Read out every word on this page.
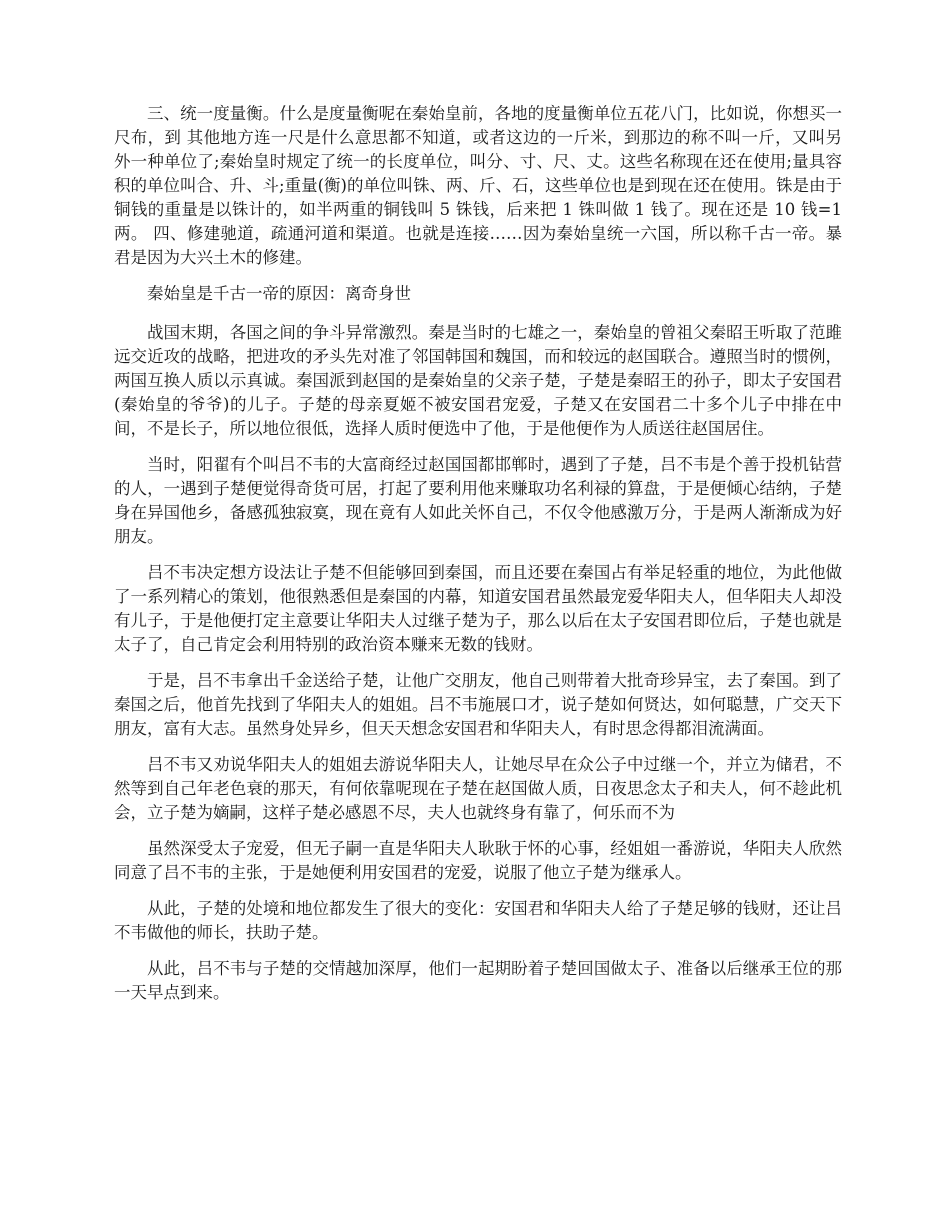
三、统一度量衡。什么是度量衡呢在秦始皇前，各地的度量衡单位五花八门，比如说，你想买一尺布，到 其他地方连一尺是什么意思都不知道，或者这边的一斤米，到那边的称不叫一斤，又叫另外一种单位了;秦始皇时规定了统一的长度单位，叫分、寸、尺、丈。这些名称现在还在使用;量具容积的单位叫合、升、斗;重量(衡)的单位叫铢、两、斤、石，这些单位也是到现在还在使用。铢是由于铜钱的重量是以铢计的，如半两重的铜钱叫 5 铢钱，后来把 1 铢叫做 1 钱了。现在还是 10 钱=1 两。 四、修建驰道，疏通河道和渠道。也就是连接……因为秦始皇统一六国，所以称千古一帝。暴君是因为大兴土木的修建。

秦始皇是千古一帝的原因：离奇身世

战国末期，各国之间的争斗异常激烈。秦是当时的七雄之一，秦始皇的曾祖父秦昭王听取了范雎远交近攻的战略，把进攻的矛头先对准了邻国韩国和魏国，而和较远的赵国联合。遵照当时的惯例，两国互换人质以示真诚。秦国派到赵国的是秦始皇的父亲子楚，子楚是秦昭王的孙子，即太子安国君(秦始皇的爷爷)的儿子。子楚的母亲夏姬不被安国君宠爱，子楚又在安国君二十多个儿子中排在中间，不是长子，所以地位很低，选择人质时便选中了他，于是他便作为人质送往赵国居住。

当时，阳翟有个叫吕不韦的大富商经过赵国国都邯郸时，遇到了子楚，吕不韦是个善于投机钻营的人，一遇到子楚便觉得奇货可居，打起了要利用他来赚取功名利禄的算盘，于是便倾心结纳，子楚身在异国他乡，备感孤独寂寞，现在竟有人如此关怀自己，不仅令他感激万分，于是两人渐渐成为好朋友。

吕不韦决定想方设法让子楚不但能够回到秦国，而且还要在秦国占有举足轻重的地位，为此他做了一系列精心的策划，他很熟悉但是秦国的内幕，知道安国君虽然最宠爱华阳夫人，但华阳夫人却没有儿子，于是他便打定主意要让华阳夫人过继子楚为子，那么以后在太子安国君即位后，子楚也就是太子了，自己肯定会利用特别的政治资本赚来无数的钱财。

于是，吕不韦拿出千金送给子楚，让他广交朋友，他自己则带着大批奇珍异宝，去了秦国。到了秦国之后，他首先找到了华阳夫人的姐姐。吕不韦施展口才，说子楚如何贤达，如何聪慧，广交天下朋友，富有大志。虽然身处异乡，但天天想念安国君和华阳夫人，有时思念得都泪流满面。

吕不韦又劝说华阳夫人的姐姐去游说华阳夫人，让她尽早在众公子中过继一个，并立为储君，不然等到自己年老色衰的那天，有何依靠呢现在子楚在赵国做人质，日夜思念太子和夫人，何不趁此机会，立子楚为嫡嗣，这样子楚必感恩不尽，夫人也就终身有靠了，何乐而不为

虽然深受太子宠爱，但无子嗣一直是华阳夫人耿耿于怀的心事，经姐姐一番游说，华阳夫人欣然同意了吕不韦的主张，于是她便利用安国君的宠爱，说服了他立子楚为继承人。

从此，子楚的处境和地位都发生了很大的变化：安国君和华阳夫人给了子楚足够的钱财，还让吕不韦做他的师长，扶助子楚。

从此，吕不韦与子楚的交情越加深厚，他们一起期盼着子楚回国做太子、准备以后继承王位的那一天早点到来。
